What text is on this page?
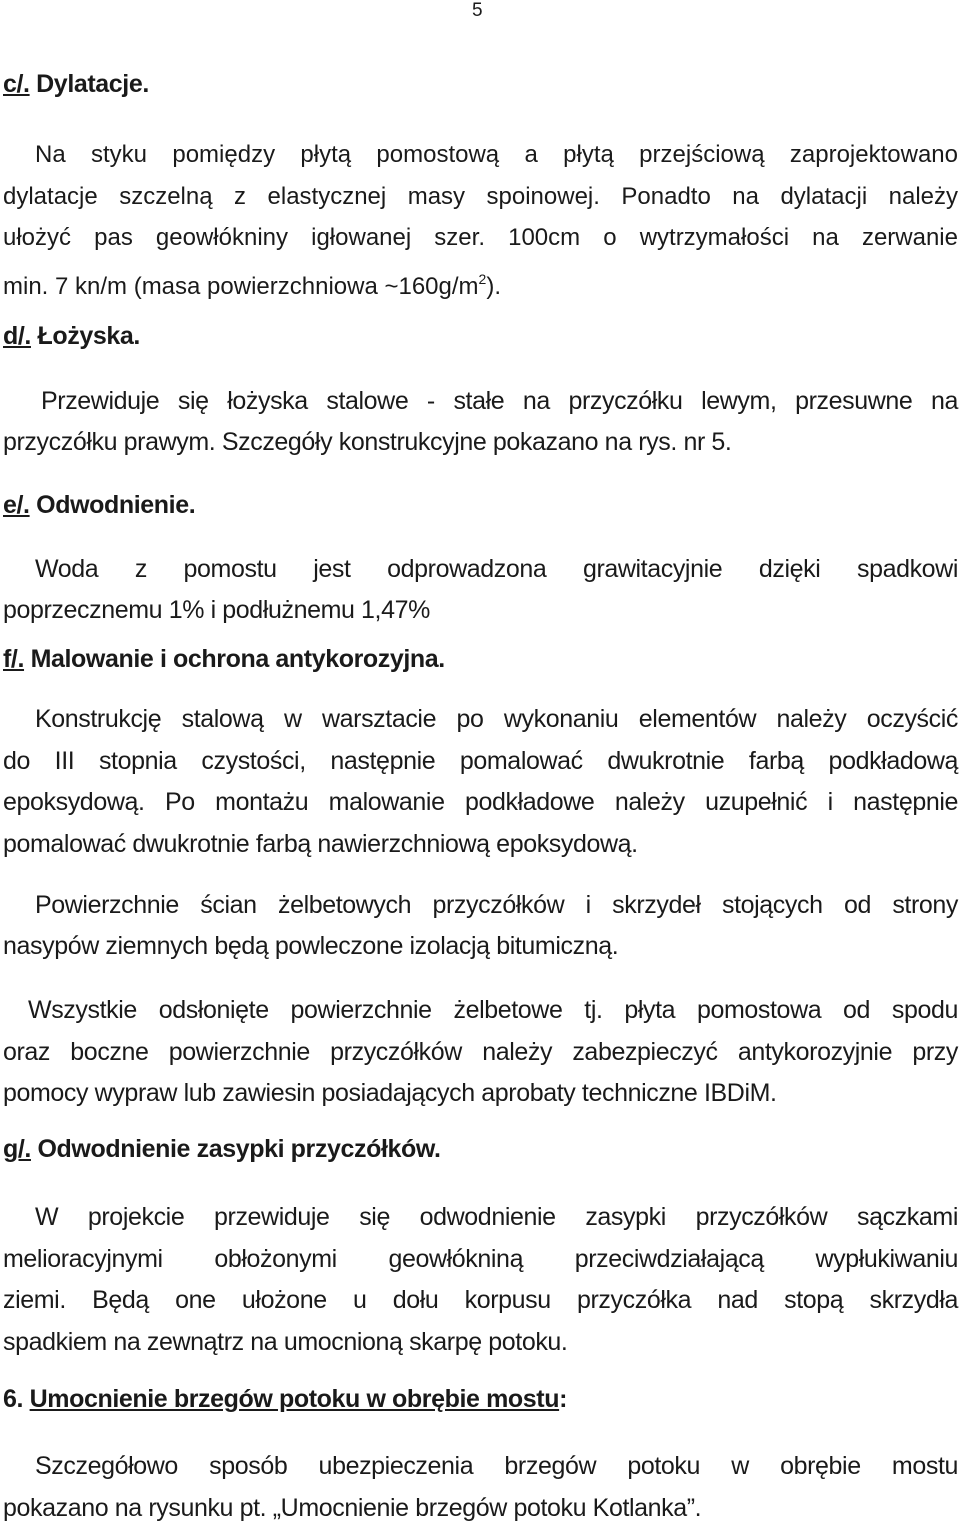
5
c/. Dylatacje.
Na styku pomiędzy płytą pomostową a płytą przejściową zaprojektowano
dylatacje szczelną z elastycznej masy spoinowej. Ponadto na dylatacji należy
ułożyć pas geowłókniny igłowanej szer. 100cm o wytrzymałości na zerwanie
min. 7 kn/m (masa powierzchniowa $\sim 160g/m^2$).
d/. Łożyska.
Przewiduje się łożyska stalowe - stałe na przyczółku lewym, przesuwne na
przyczółku prawym. Szczegóły konstrukcyjne pokazano na rys. nr 5.
e/. Odwodnienie.
Woda z pomostu jest odprowadzona grawitacyjnie dzięki spadkowi
poprzecznemu 1% i podłużnemu 1,47%
f/. Malowanie i ochrona antykorozyjna.
Konstrukcję stalową w warsztacie po wykonaniu elementów należy oczyścić
do III stopnia czystości, następnie pomalować dwukrotnie farbą podkładową
epoksydową. Po montażu malowanie podkładowe należy uzupełnić i następnie
pomalować dwukrotnie farbą nawierzchniową epoksydową.
Powierzchnie ścian żelbetowych przyczółków i skrzydeł stojących od strony
nasypów ziemnych będą powleczone izolacją bitumiczną.
Wszystkie odsłonięte powierzchnie żelbetowe tj. płyta pomostowa od spodu
oraz boczne powierzchnie przyczółków należy zabezpieczyć antykorozyjnie przy
pomocy wypraw lub zawiesin posiadających aprobaty techniczne IBDiM.
g/. Odwodnienie zasypki przyczółków.
W projekcie przewiduje się odwodnienie zasypki przyczółków sączkami
melioracyjnymi obłożonymi geowłókniną przeciwdziałającą wypłukiwaniu
ziemi. Będą one ułożone u dołu korpusu przyczółka nad stopą skrzydła
spadkiem na zewnątrz na umocnioną skarpę potoku.
6. Umocnienie brzegów potoku w obrębie mostu:
Szczegółowo sposób ubezpieczenia brzegów potoku w obrębie mostu
pokazano na rysunku pt. „Umocnienie brzegów potoku Kotlanka”.
